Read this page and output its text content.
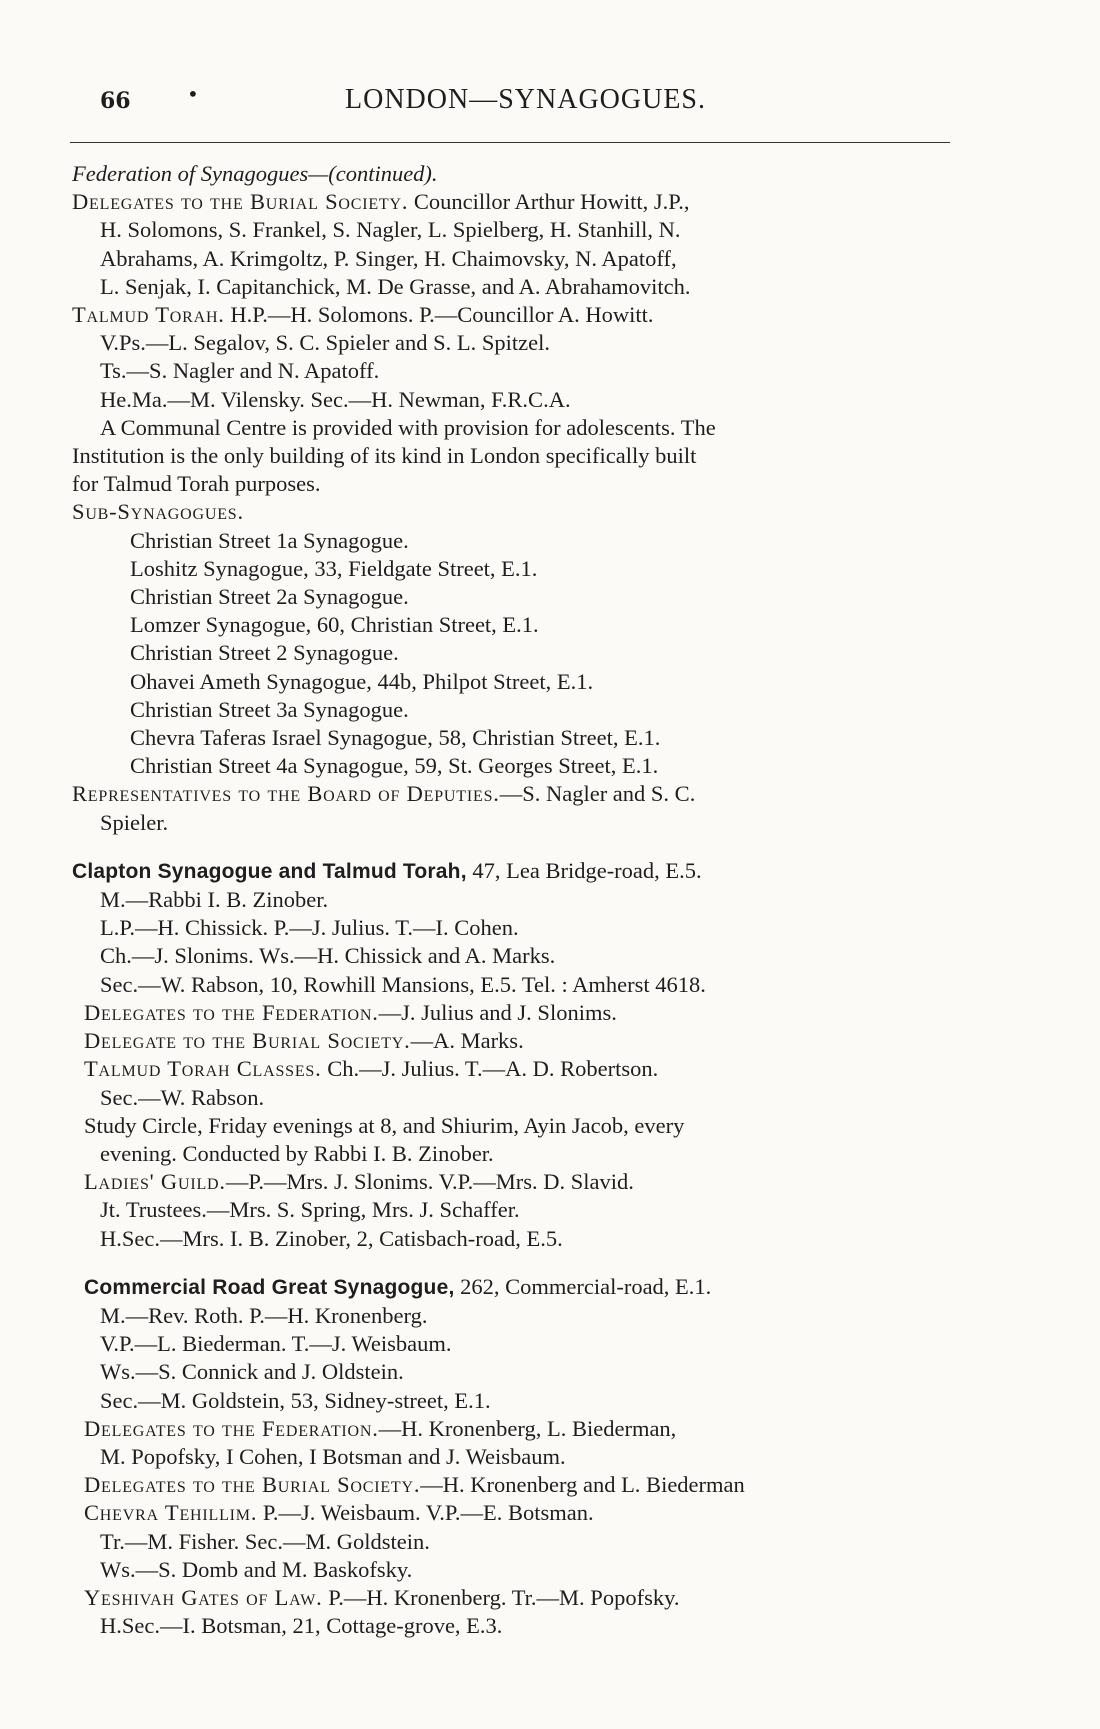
66	•	LONDON—SYNAGOGUES.
Federation of Synagogues—(continued).
Delegates to the Burial Society. Councillor Arthur Howitt, J.P.,
H. Solomons, S. Frankel, S. Nagler, L. Spielberg, H. Stanhill, N.
Abrahams, A. Krimgoltz, P. Singer, H. Chaimovsky, N. Apatoff,
L. Senjak, I. Capitanchick, M. De Grasse, and A. Abrahamovitch.
Talmud Torah. H.P.—H. Solomons. P.—Councillor A. Howitt.
V.Ps.—L. Segalov, S. C. Spieler and S. L. Spitzel.
Ts.—S. Nagler and N. Apatoff.
He.Ma.—M. Vilensky. Sec.—H. Newman, F.R.C.A.
A Communal Centre is provided with provision for adolescents. The
Institution is the only building of its kind in London specifically built
for Talmud Torah purposes.
Sub-Synagogues.
Christian Street 1a Synagogue.
Loshitz Synagogue, 33, Fieldgate Street, E.1.
Christian Street 2a Synagogue.
Lomzer Synagogue, 60, Christian Street, E.1.
Christian Street 2 Synagogue.
Ohavei Ameth Synagogue, 44b, Philpot Street, E.1.
Christian Street 3a Synagogue.
Chevra Taferas Israel Synagogue, 58, Christian Street, E.1.
Christian Street 4a Synagogue, 59, St. Georges Street, E.1.
Representatives to the Board of Deputies.—S. Nagler and S. C.
Spieler.
Clapton Synagogue and Talmud Torah, 47, Lea Bridge-road, E.5.
M.—Rabbi I. B. Zinober.
L.P.—H. Chissick. P.—J. Julius. T.—I. Cohen.
Ch.—J. Slonims. Ws.—H. Chissick and A. Marks.
Sec.—W. Rabson, 10, Rowhill Mansions, E.5. Tel. : Amherst 4618.
Delegates to the Federation.—J. Julius and J. Slonims.
Delegate to the Burial Society.—A. Marks.
Talmud Torah Classes. Ch.—J. Julius. T.—A. D. Robertson.
Sec.—W. Rabson.
Study Circle, Friday evenings at 8, and Shiurim, Ayin Jacob, every
evening. Conducted by Rabbi I. B. Zinober.
Ladies' Guild.—P.—Mrs. J. Slonims. V.P.—Mrs. D. Slavid.
Jt. Trustees.—Mrs. S. Spring, Mrs. J. Schaffer.
H.Sec.—Mrs. I. B. Zinober, 2, Catisbach-road, E.5.
Commercial Road Great Synagogue, 262, Commercial-road, E.1.
M.—Rev. Roth. P.—H. Kronenberg.
V.P.—L. Biederman. T.—J. Weisbaum.
Ws.—S. Connick and J. Oldstein.
Sec.—M. Goldstein, 53, Sidney-street, E.1.
Delegates to the Federation.—H. Kronenberg, L. Biederman,
M. Popofsky, I Cohen, I Botsman and J. Weisbaum.
Delegates to the Burial Society.—H. Kronenberg and L. Biederman
Chevra Tehillim. P.—J. Weisbaum. V.P.—E. Botsman.
Tr.—M. Fisher. Sec.—M. Goldstein.
Ws.—S. Domb and M. Baskofsky.
Yeshivah Gates of Law. P.—H. Kronenberg. Tr.—M. Popofsky.
H.Sec.—I. Botsman, 21, Cottage-grove, E.3.
